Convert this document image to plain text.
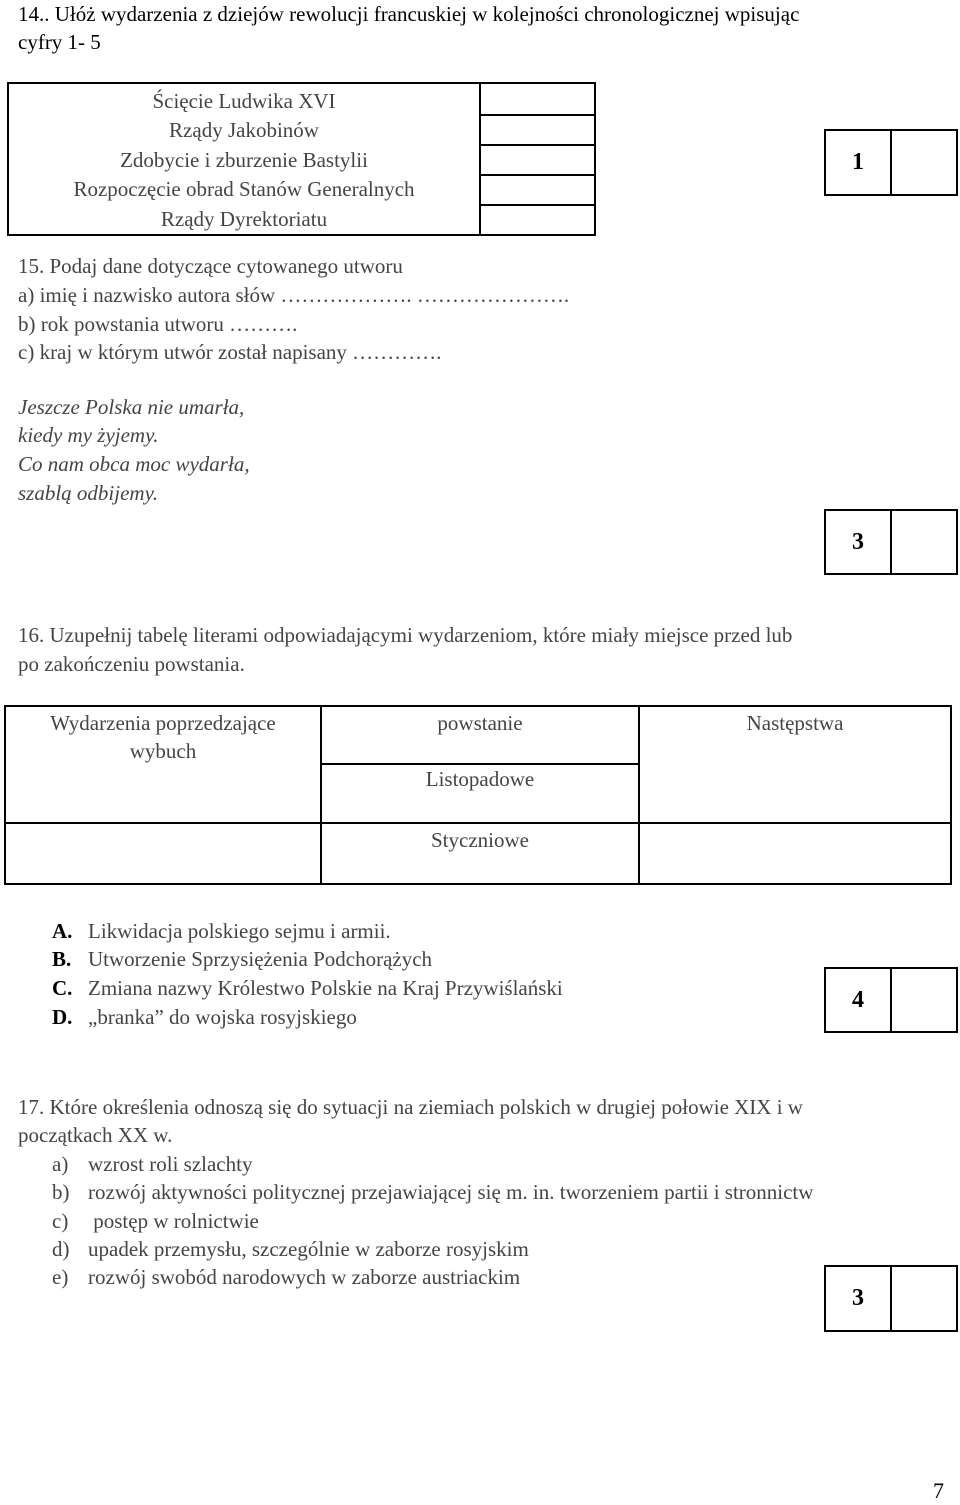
14.. Ułóż wydarzenia z dziejów rewolucji francuskiej w kolejności chronologicznej wpisując
cyfry 1- 5
Ścięcie Ludwika XVI
Rządy Jakobinów
Zdobycie i zburzenie Bastylii
Rozpoczęcie obrad Stanów Generalnych
Rządy Dyrektoriatu

1
15. Podaj dane dotyczące cytowanego utworu
a) imię i nazwisko autora słów ………………. ………………….
b) rok powstania utworu ……….
c) kraj w którym utwór został napisany ………….
Jeszcze Polska nie umarła,
kiedy my żyjemy.
Co nam obca moc wydarła,
szablą odbijemy.
3
16. Uzupełnij tabelę literami odpowiadającymi wydarzeniom, które miały miejsce przed lub
po zakończeniu powstania.
Wydarzenia poprzedzające
wybuch	powstanie	Następstwa
	Listopadowe	
	Styczniowe	
A. Likwidacja polskiego sejmu i armii.
B. Utworzenie Sprzysiężenia Podchorążych
C. Zmiana nazwy Królestwo Polskie na Kraj Przywiślański
D. „branka” do wojska rosyjskiego
4
17. Które określenia odnoszą się do sytuacji na ziemiach polskich w drugiej połowie XIX i w
początkach XX w.
a) wzrost roli szlachty
b) rozwój aktywności politycznej przejawiającej się m. in. tworzeniem partii i stronnictw
c) postęp w rolnictwie
d) upadek przemysłu, szczególnie w zaborze rosyjskim
e) rozwój swobód narodowych w zaborze austriackim
3
7
